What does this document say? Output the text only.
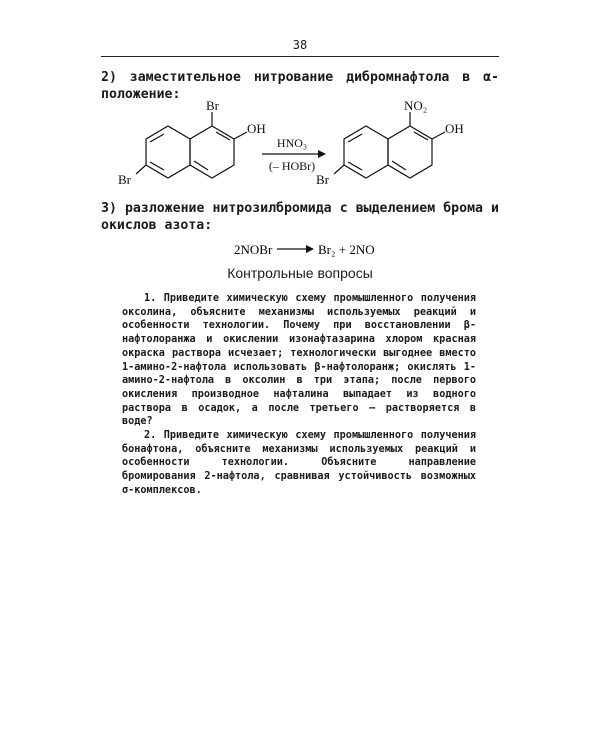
38
2) заместительное нитрование дибромнафтола в α-положение:
Br
OH
Br
HNO₃
(– HOBr)
NO₂
OH
Br
3) разложение нитрозилбромида с выделением брома и окислов азота:
2NOBr	Br₂ + 2NO
Контрольные вопросы

1. Приведите химическую схему промышленного получения оксолина, объясните механизмы используемых реакций и особенности технологии. Почему при восстановлении β-нафтолоранжа и окислении изонафтазарина хлором красная окраска раствора исчезает; технологически выгоднее вместо 1-амино-2-нафтола использовать β-нафтолоранж; окислять 1-амино-2-нафтола в оксолин в три этапа; после первого окисления производное нафталина выпадает из водного раствора в осадок, а после третьего — растворяется в воде?

2. Приведите химическую схему промышленного получения бонафтона, объясните механизмы используемых реакций и особенности технологии. Объясните направление бромирования 2-нафтола, сравнивая устойчивость возможных σ-комплексов.
